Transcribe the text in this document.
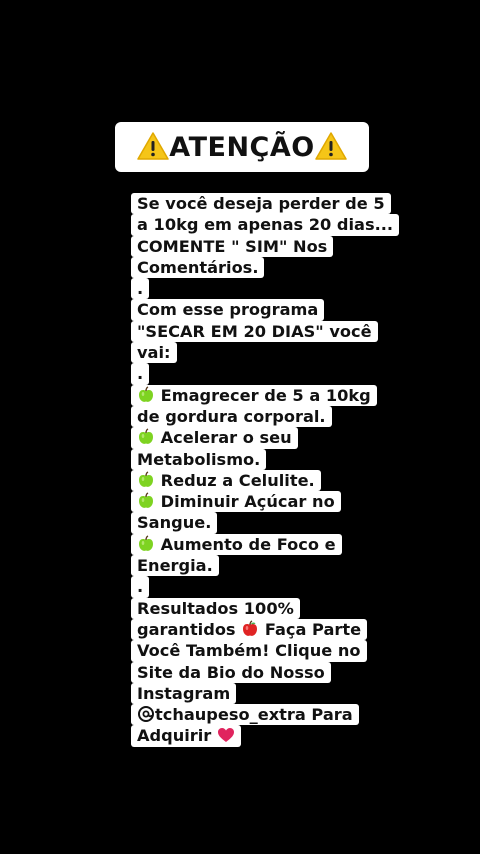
ATENÇÃO
Se você deseja perder de 5
a 10kg em apenas 20 dias...
COMENTE " SIM" Nos
Comentários.
.
Com esse programa
"SECAR EM 20 DIAS" você
vai:
.
Emagrecer de 5 a 10kg
de gordura corporal.
Acelerar o seu
Metabolismo.
Reduz a Celulite.
Diminuir Açúcar no
Sangue.
Aumento de Foco e
Energia.
.
Resultados 100%
garantidos Faça Parte
Você Também! Clique no
Site da Bio do Nosso
Instagram
tchaupeso_extra Para
Adquirir
